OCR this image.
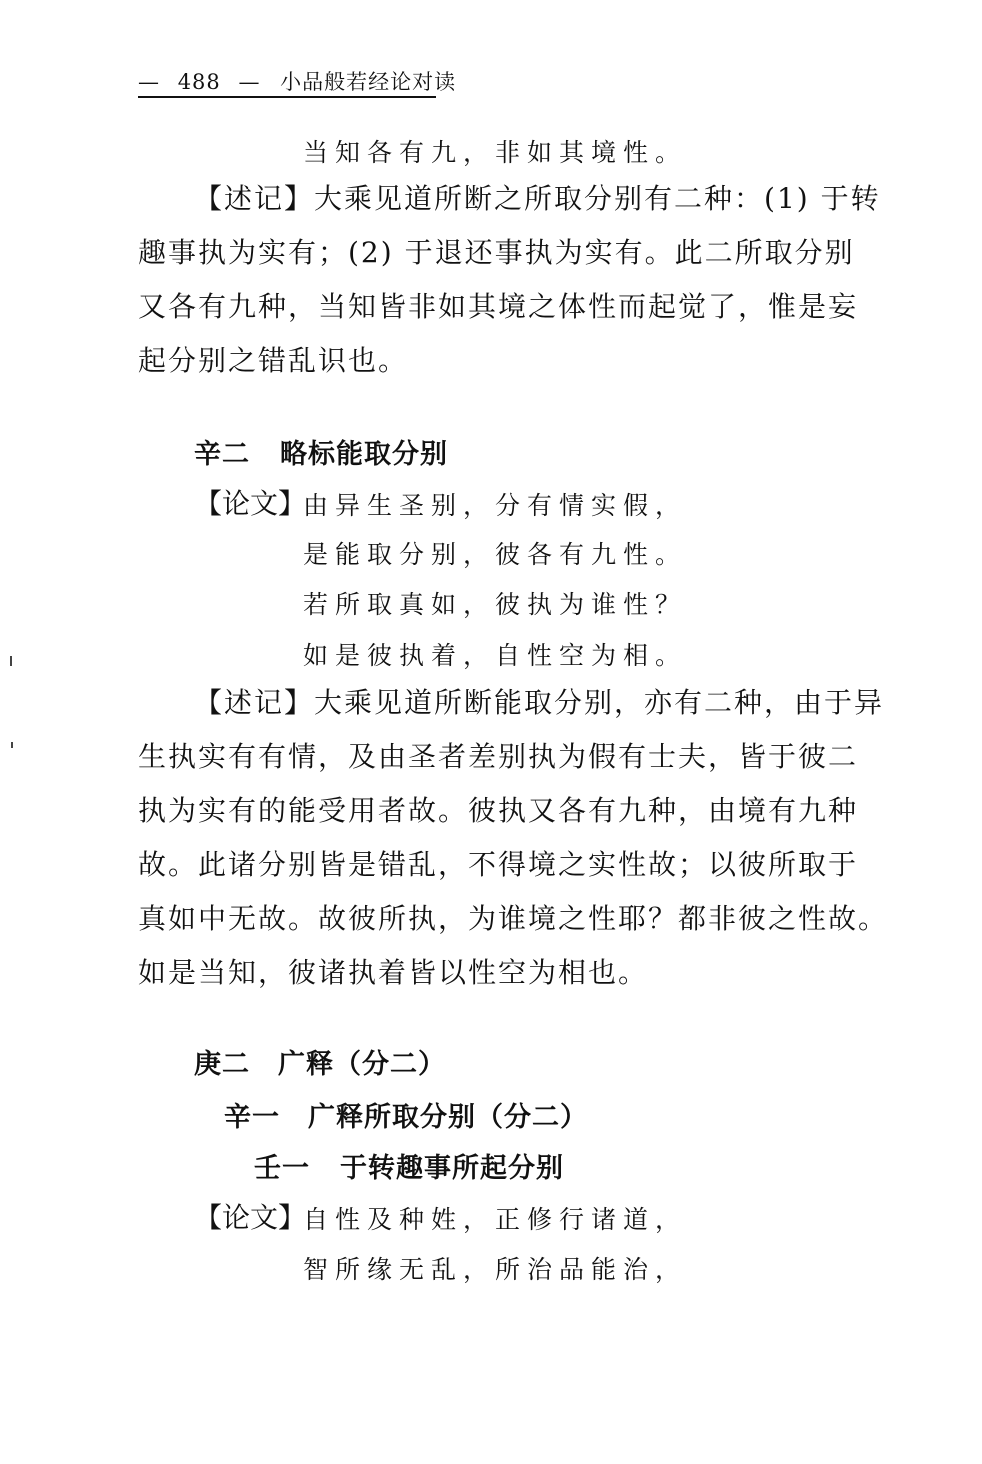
— 488 — 小品般若经论对读
当知各有九，非如其境性。
【述记】大乘见道所断之所取分别有二种：(1) 于转
趣事执为实有；(2) 于退还事执为实有。此二所取分别
又各有九种，当知皆非如其境之体性而起觉了，惟是妄
起分别之错乱识也。
辛二 略标能取分别
【论文】
由异生圣别，分有情实假，
是能取分别，彼各有九性。
若所取真如，彼执为谁性？
如是彼执着，自性空为相。
【述记】大乘见道所断能取分别，亦有二种，由于异
生执实有有情，及由圣者差别执为假有士夫，皆于彼二
执为实有的能受用者故。彼执又各有九种，由境有九种
故。此诸分别皆是错乱，不得境之实性故；以彼所取于
真如中无故。故彼所执，为谁境之性耶？都非彼之性故。
如是当知，彼诸执着皆以性空为相也。
庚二 广释（分二）
辛一 广释所取分别（分二）
壬一 于转趣事所起分别
【论文】
自性及种姓，正修行诸道，
智所缘无乱，所治品能治，
